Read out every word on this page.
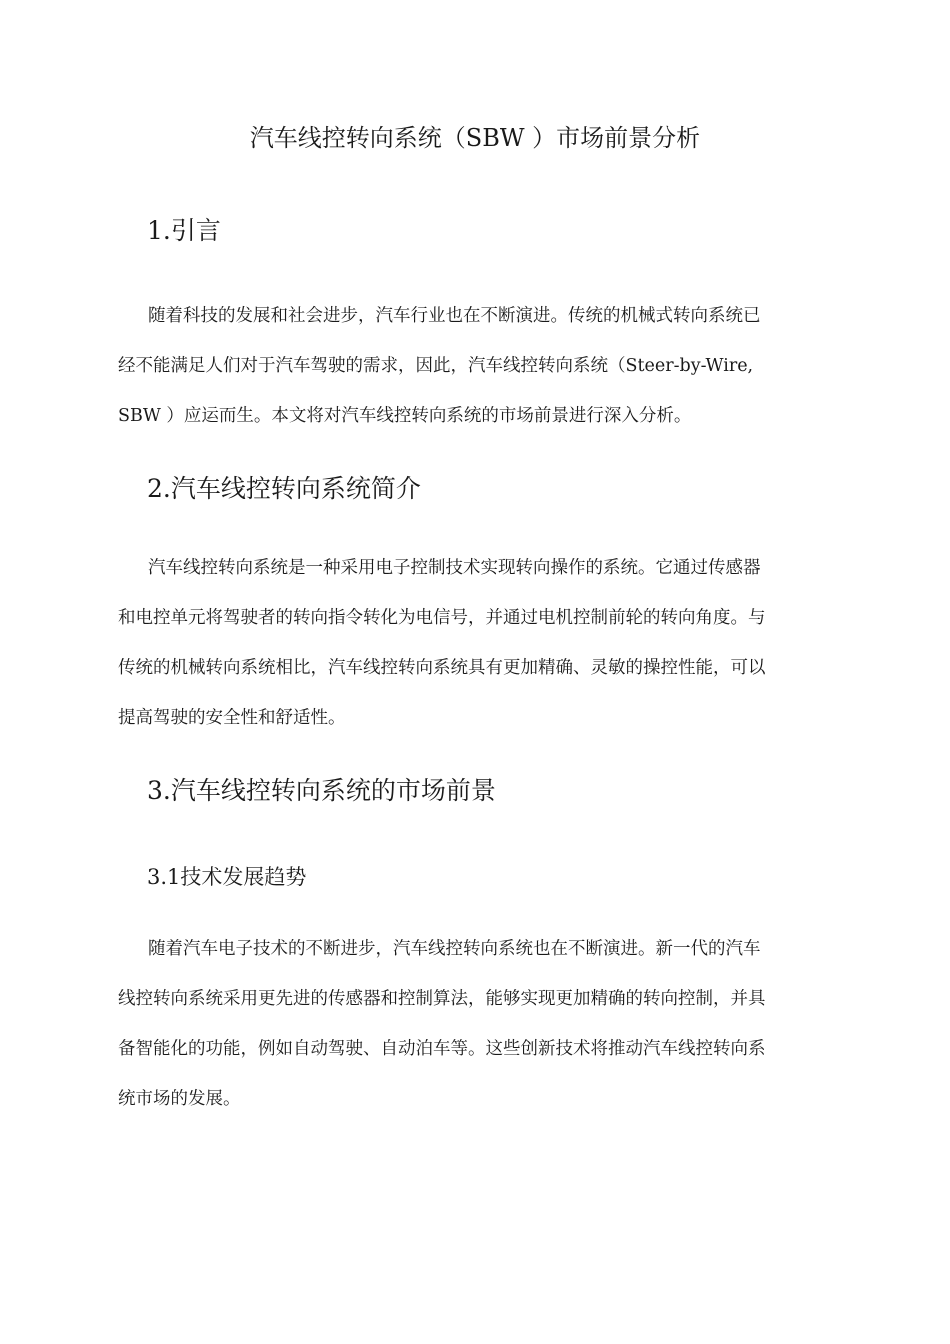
汽车线控转向系统（SBW ）市场前景分析
1.引言
随着科技的发展和社会进步，汽车行业也在不断演进。传统的机械式转向系统已
经不能满足人们对于汽车驾驶的需求，因此，汽车线控转向系统（Steer-by-Wire,
SBW ）应运而生。本文将对汽车线控转向系统的市场前景进行深入分析。
2.汽车线控转向系统简介
汽车线控转向系统是一种采用电子控制技术实现转向操作的系统。它通过传感器
和电控单元将驾驶者的转向指令转化为电信号，并通过电机控制前轮的转向角度。与
传统的机械转向系统相比，汽车线控转向系统具有更加精确、灵敏的操控性能，可以
提高驾驶的安全性和舒适性。
3.汽车线控转向系统的市场前景
3.1技术发展趋势
随着汽车电子技术的不断进步，汽车线控转向系统也在不断演进。新一代的汽车
线控转向系统采用更先进的传感器和控制算法，能够实现更加精确的转向控制，并具
备智能化的功能，例如自动驾驶、自动泊车等。这些创新技术将推动汽车线控转向系
统市场的发展。
